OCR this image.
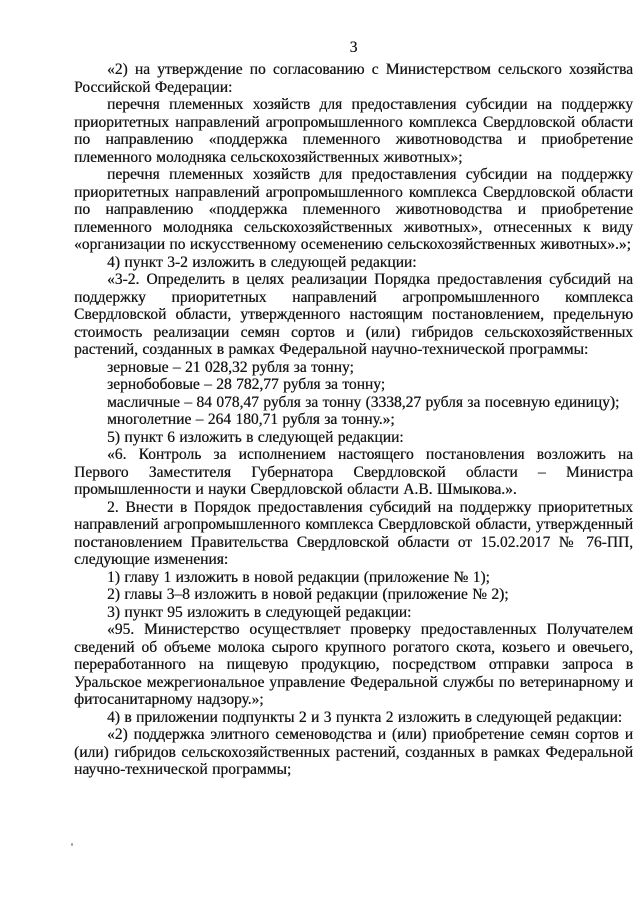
3

«2) на утверждение по согласованию с Министерством сельского хозяйства Российской Федерации:

перечня племенных хозяйств для предоставления субсидии на поддержку приоритетных направлений агропромышленного комплекса Свердловской области по направлению «поддержка племенного животноводства и приобретение племенного молодняка сельскохозяйственных животных»;

перечня племенных хозяйств для предоставления субсидии на поддержку приоритетных направлений агропромышленного комплекса Свердловской области по направлению «поддержка племенного животноводства и приобретение племенного молодняка сельскохозяйственных животных», отнесенных к виду «организации по искусственному осеменению сельскохозяйственных животных».»;

4) пункт 3-2 изложить в следующей редакции:

«3-2. Определить в целях реализации Порядка предоставления субсидий на поддержку приоритетных направлений агропромышленного комплекса Свердловской области, утвержденного настоящим постановлением, предельную стоимость реализации семян сортов и (или) гибридов сельскохозяйственных растений, созданных в рамках Федеральной научно-технической программы:

зерновые – 21 028,32 рубля за тонну;

зернобобовые – 28 782,77 рубля за тонну;

масличные – 84 078,47 рубля за тонну (3338,27 рубля за посевную единицу);

многолетние – 264 180,71 рубля за тонну.»;

5) пункт 6 изложить в следующей редакции:

«6. Контроль за исполнением настоящего постановления возложить на Первого Заместителя Губернатора Свердловской области – Министра промышленности и науки Свердловской области А.В. Шмыкова.».

2. Внести в Порядок предоставления субсидий на поддержку приоритетных направлений агропромышленного комплекса Свердловской области, утвержденный постановлением Правительства Свердловской области от 15.02.2017 № 76-ПП, следующие изменения:

1) главу 1 изложить в новой редакции (приложение № 1);

2) главы 3–8 изложить в новой редакции (приложение № 2);

3) пункт 95 изложить в следующей редакции:

«95. Министерство осуществляет проверку предоставленных Получателем сведений об объеме молока сырого крупного рогатого скота, козьего и овечьего, переработанного на пищевую продукцию, посредством отправки запроса в Уральское межрегиональное управление Федеральной службы по ветеринарному и фитосанитарному надзору.»;

4) в приложении подпункты 2 и 3 пункта 2 изложить в следующей редакции:

«2) поддержка элитного семеноводства и (или) приобретение семян сортов и (или) гибридов сельскохозяйственных растений, созданных в рамках Федеральной научно-технической программы;
